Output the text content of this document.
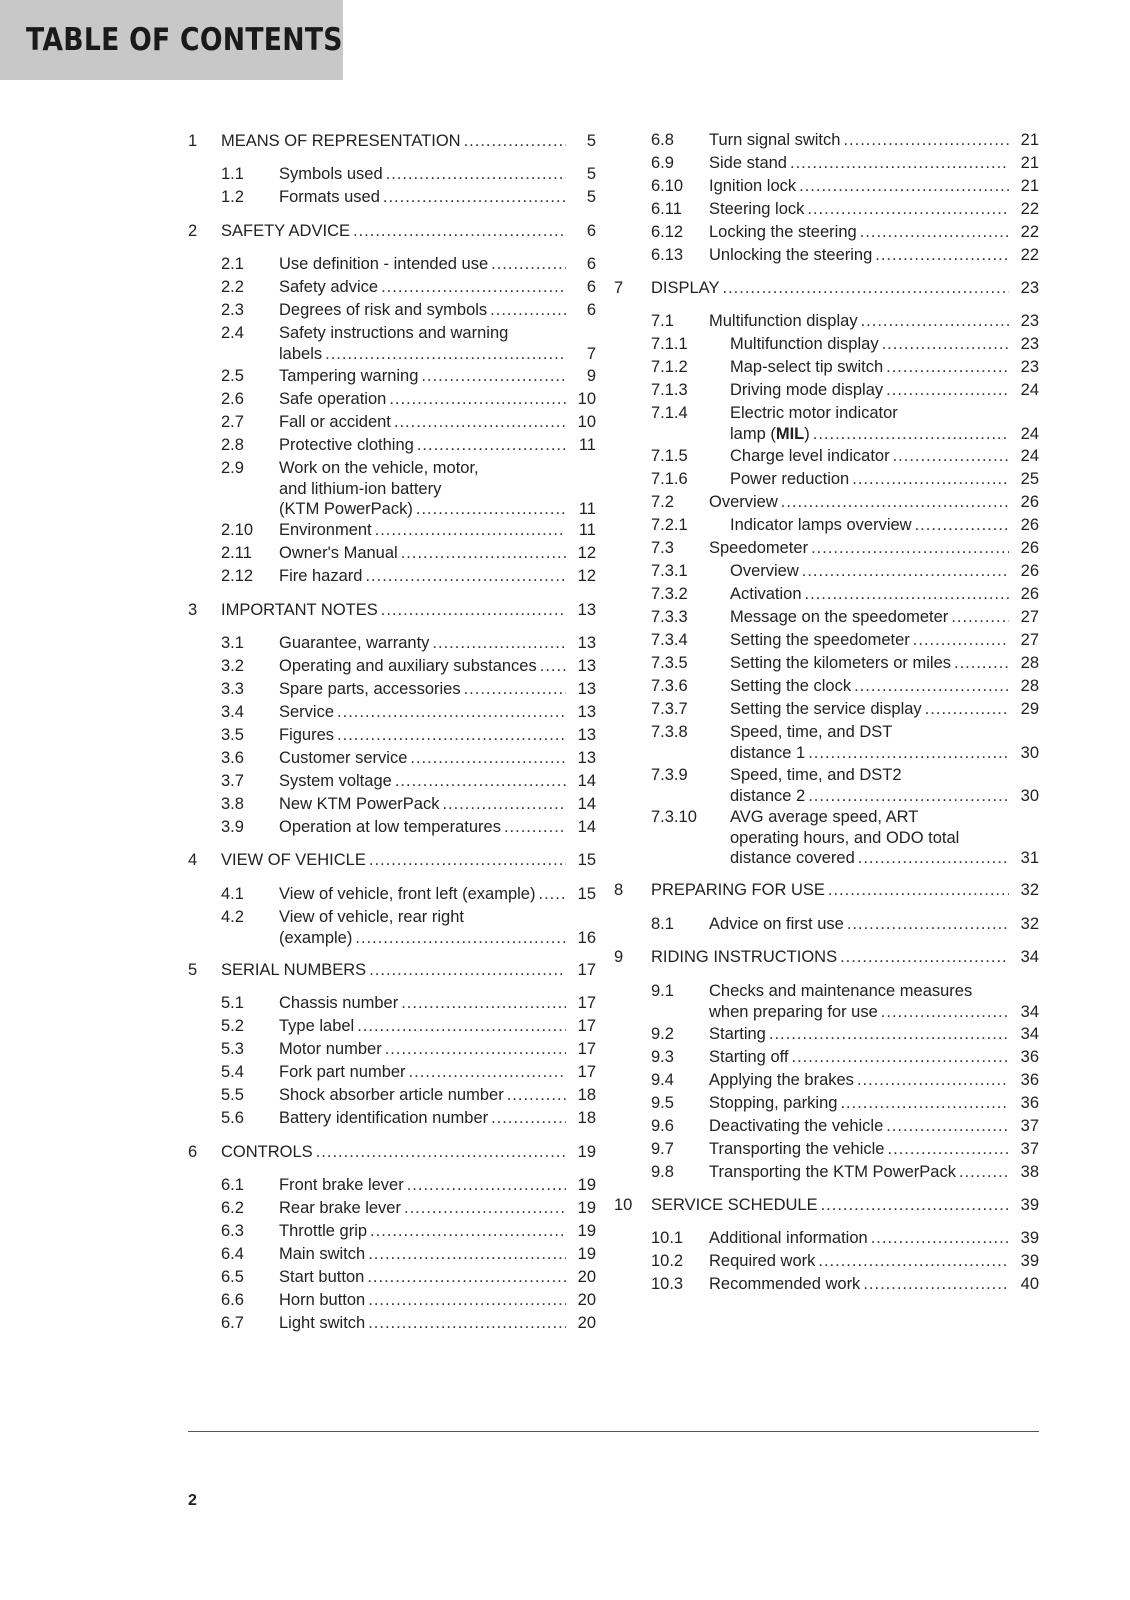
TABLE OF CONTENTS
1 MEANS OF REPRESENTATION .....	5
1.1 Symbols used .....	5
1.2 Formats used .....	5
2 SAFETY ADVICE .....	6
2.1 Use definition - intended use .....	6
2.2 Safety advice .....	6
2.3 Degrees of risk and symbols .....	6
2.4 Safety instructions and warning
labels .....	7
2.5 Tampering warning .....	9
2.6 Safe operation .....	10
2.7 Fall or accident .....	10
2.8 Protective clothing .....	11
2.9 Work on the vehicle, motor,
and lithium-ion battery
(KTM PowerPack) .....	11
2.10 Environment .....	11
2.11 Owner's Manual .....	12
2.12 Fire hazard .....	12
3 IMPORTANT NOTES .....	13
3.1 Guarantee, warranty .....	13
3.2 Operating and auxiliary substances .....	13
3.3 Spare parts, accessories .....	13
3.4 Service .....	13
3.5 Figures .....	13
3.6 Customer service .....	13
3.7 System voltage .....	14
3.8 New KTM PowerPack .....	14
3.9 Operation at low temperatures .....	14
4 VIEW OF VEHICLE .....	15
4.1 View of vehicle, front left (example) .....	15
4.2 View of vehicle, rear right
(example) .....	16
5 SERIAL NUMBERS .....	17
5.1 Chassis number .....	17
5.2 Type label .....	17
5.3 Motor number .....	17
5.4 Fork part number .....	17
5.5 Shock absorber article number .....	18
5.6 Battery identification number .....	18
6 CONTROLS .....	19
6.1 Front brake lever .....	19
6.2 Rear brake lever .....	19
6.3 Throttle grip .....	19
6.4 Main switch .....	19
6.5 Start button .....	20
6.6 Horn button .....	20
6.7 Light switch .....	20
6.8 Turn signal switch .....	21
6.9 Side stand .....	21
6.10 Ignition lock .....	21
6.11 Steering lock .....	22
6.12 Locking the steering .....	22
6.13 Unlocking the steering .....	22
7 DISPLAY .....	23
7.1 Multifunction display .....	23
7.1.1	Multifunction display .....	23
7.1.2	Map-select tip switch .....	23
7.1.3	Driving mode display .....	24
7.1.4	Electric motor indicator
lamp (MIL) .....	24
7.1.5	Charge level indicator .....	24
7.1.6	Power reduction .....	25
7.2 Overview .....	26
7.2.1	Indicator lamps overview .....	26
7.3 Speedometer .....	26
7.3.1	Overview .....	26
7.3.2	Activation .....	26
7.3.3	Message on the speedometer .....	27
7.3.4	Setting the speedometer .....	27
7.3.5	Setting the kilometers or miles .....	28
7.3.6	Setting the clock .....	28
7.3.7	Setting the service display .....	29
7.3.8	Speed, time, and DST
distance 1 .....	30
7.3.9	Speed, time, and DST2
distance 2 .....	30
7.3.10 AVG average speed, ART
operating hours, and ODO total
distance covered .....	31
8 PREPARING FOR USE .....	32
8.1 Advice on first use .....	32
9 RIDING INSTRUCTIONS .....	34
9.1 Checks and maintenance measures
when preparing for use .....	34
9.2 Starting .....	34
9.3 Starting off .....	36
9.4 Applying the brakes .....	36
9.5 Stopping, parking .....	36
9.6 Deactivating the vehicle .....	37
9.7 Transporting the vehicle .....	37
9.8 Transporting the KTM PowerPack .....	38
10 SERVICE SCHEDULE .....	39
10.1 Additional information .....	39
10.2 Required work .....	39
10.3 Recommended work .....	40
2
